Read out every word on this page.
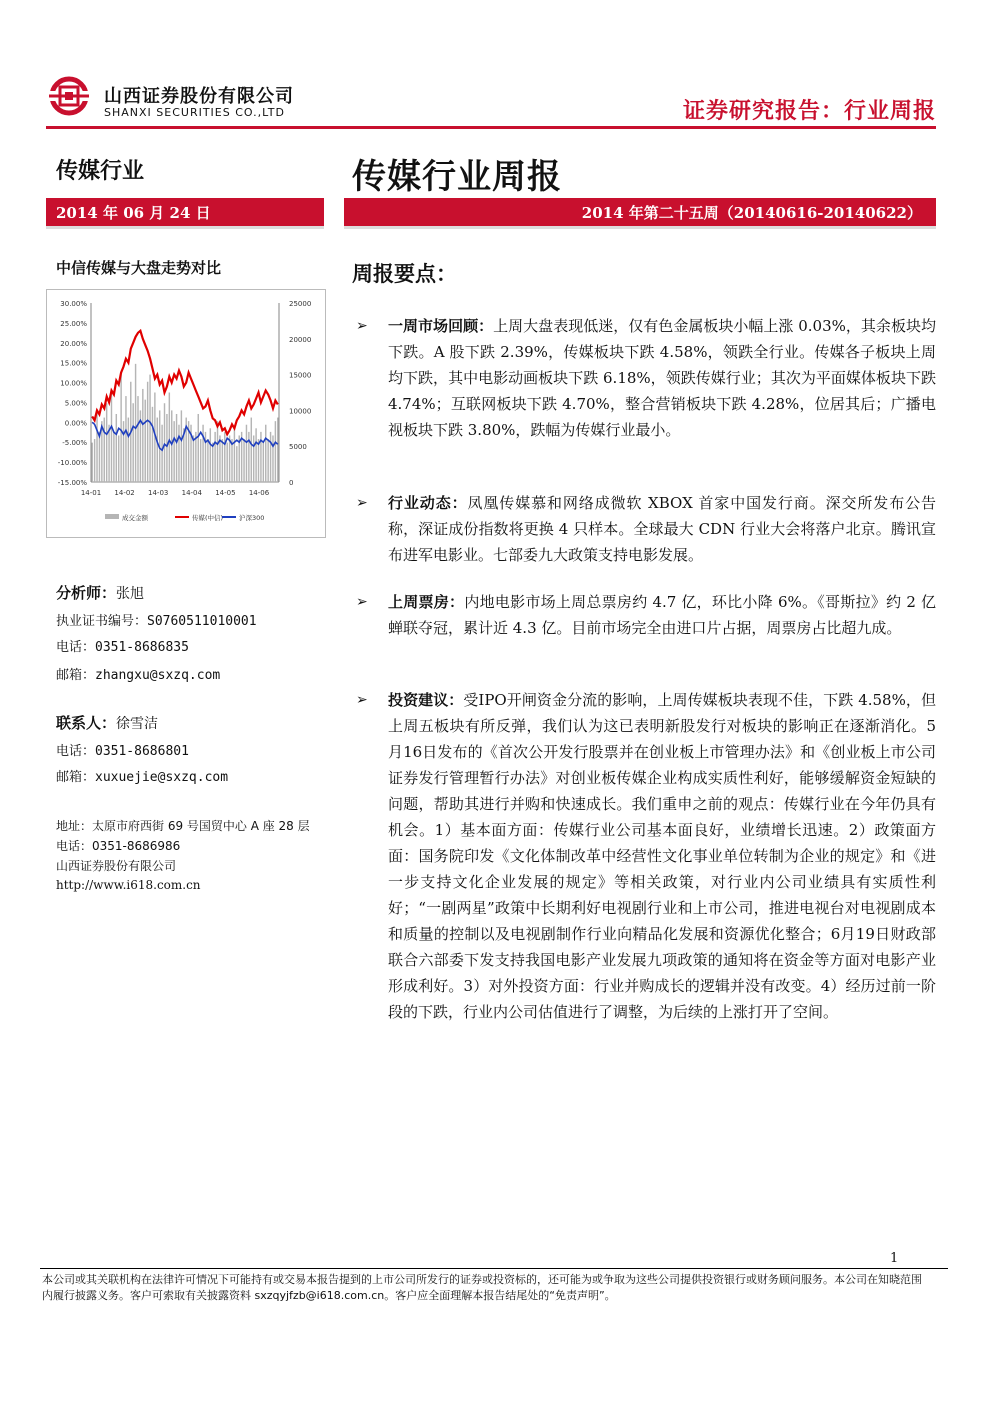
山西证券股份有限公司
SHANXI SECURITIES CO.,LTD	证券研究报告：行业周报
传媒行业	传媒行业周报
2014 年 06 月 24 日	2014 年第二十五周（20140616-20140622）
中信传媒与大盘走势对比
30.00%
25.00%
20.00%
15.00%
10.00%
5.00%
0.00%
-5.00%
-10.00%
-15.00%
25000
20000
15000
10000
5000
0
14-01 14-02 14-03 14-04 14-05 14-06
成交金额	传媒(中信) 沪深300
分析师：张旭
执业证书编号：S0760511010001
电话：0351-8686835
邮箱：zhangxu@sxzq.com
联系人：徐雪洁
电话：0351-8686801
邮箱：xuxuejie@sxzq.com
地址：太原市府西街 69 号国贸中心 A 座 28 层
电话：0351-8686986
山西证券股份有限公司
http://www.i618.com.cn
周报要点：
➢	一周市场回顾：上周大盘表现低迷，仅有色金属板块小幅上涨 0.03%，其余板块均下跌。A 股下跌 2.39%，传媒板块下跌 4.58%，领跌全行业。传媒各子板块上周均下跌，其中电影动画板块下跌 6.18%，领跌传媒行业；其次为平面媒体板块下跌 4.74%；互联网板块下跌 4.70%，整合营销板块下跌 4.28%，位居其后；广播电视板块下跌 3.80%，跌幅为传媒行业最小。
➢	行业动态：凤凰传媒慕和网络成微软 XBOX 首家中国发行商。深交所发布公告称，深证成份指数将更换 4 只样本。全球最大 CDN 行业大会将落户北京。腾讯宣布进军电影业。七部委九大政策支持电影发展。
➢	上周票房：内地电影市场上周总票房约 4.7 亿，环比小降 6%。《哥斯拉》约 2 亿蝉联夺冠，累计近 4.3 亿。目前市场完全由进口片占据，周票房占比超九成。
➢	投资建议：受IPO开闸资金分流的影响，上周传媒板块表现不佳，下跌 4.58%，但上周五板块有所反弹，我们认为这已表明新股发行对板块的影响正在逐渐消化。5月16日发布的《首次公开发行股票并在创业板上市管理办法》和《创业板上市公司证券发行管理暂行办法》对创业板传媒企业构成实质性利好，能够缓解资金短缺的问题，帮助其进行并购和快速成长。我们重申之前的观点：传媒行业在今年仍具有机会。1）基本面方面：传媒行业公司基本面良好，业绩增长迅速。2）政策面方面：国务院印发《文化体制改革中经营性文化事业单位转制为企业的规定》和《进一步支持文化企业发展的规定》等相关政策，对行业内公司业绩具有实质性利好；“一剧两星”政策中长期利好电视剧行业和上市公司，推进电视台对电视剧成本和质量的控制以及电视剧制作行业向精品化发展和资源优化整合；6月19日财政部联合六部委下发支持我国电影产业发展九项政策的通知将在资金等方面对电影产业形成利好。3）对外投资方面：行业并购成长的逻辑并没有改变。4）经历过前一阶段的下跌，行业内公司估值进行了调整，为后续的上涨打开了空间。
1
本公司或其关联机构在法律许可情况下可能持有或交易本报告提到的上市公司所发行的证券或投资标的，还可能为或争取为这些公司提供投资银行或财务顾问服务。本公司在知晓范围内履行披露义务。客户可索取有关披露资料 sxzqyjfzb@i618.com.cn。客户应全面理解本报告结尾处的“免责声明”。
